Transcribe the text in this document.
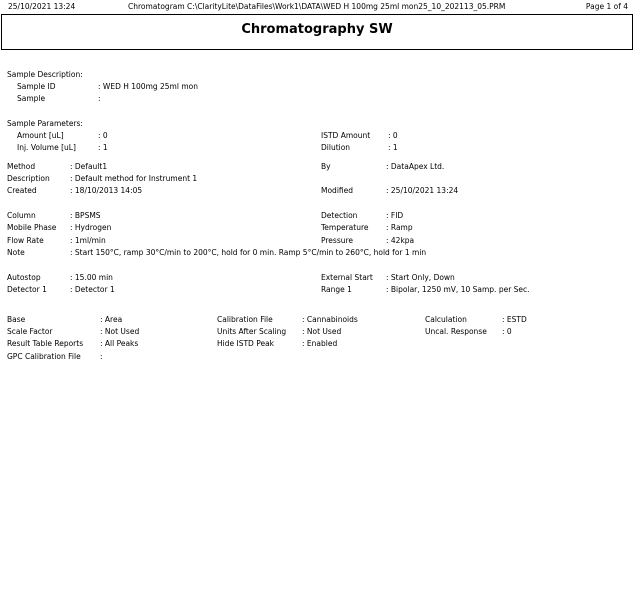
25/10/2021 13:24	Chromatogram C:\ClarityLite\DataFiles\Work1\DATA\WED H 100mg 25ml mon25_10_202113_05.PRM	Page 1 of 4
Chromatography SW
Sample Description:
Sample ID	: WED H 100mg 25ml mon
Sample	:
Sample Parameters:
Amount [uL]	: 0	ISTD Amount : 0
Inj. Volume [uL]	: 1	Dilution	: 1
Method	: Default1	By	: DataApex Ltd.
Description	: Default method for Instrument 1
Created	: 18/10/2013 14:05	Modified	: 25/10/2021 13:24
Column	: BPSMS	Detection	: FID
Mobile Phase : Hydrogen	Temperature : Ramp
Flow Rate	: 1ml/min	Pressure	: 42kpa
Note	: Start 150°C, ramp 30°C/min to 200°C, hold for 0 min. Ramp 5°C/min to 260°C, hold for 1 min
Autostop	: 15.00 min	External Start : Start Only, Down
Detector 1	: Detector 1	Range 1	: Bipolar, 1250 mV, 10 Samp. per Sec.
Base	: Area	Calibration File	: Cannabinoids	Calculation	: ESTD
Scale Factor	: Not Used	Units After Scaling : Not Used	Uncal. Response : 0
Result Table Reports : All Peaks	Hide ISTD Peak	: Enabled
GPC Calibration File	:
